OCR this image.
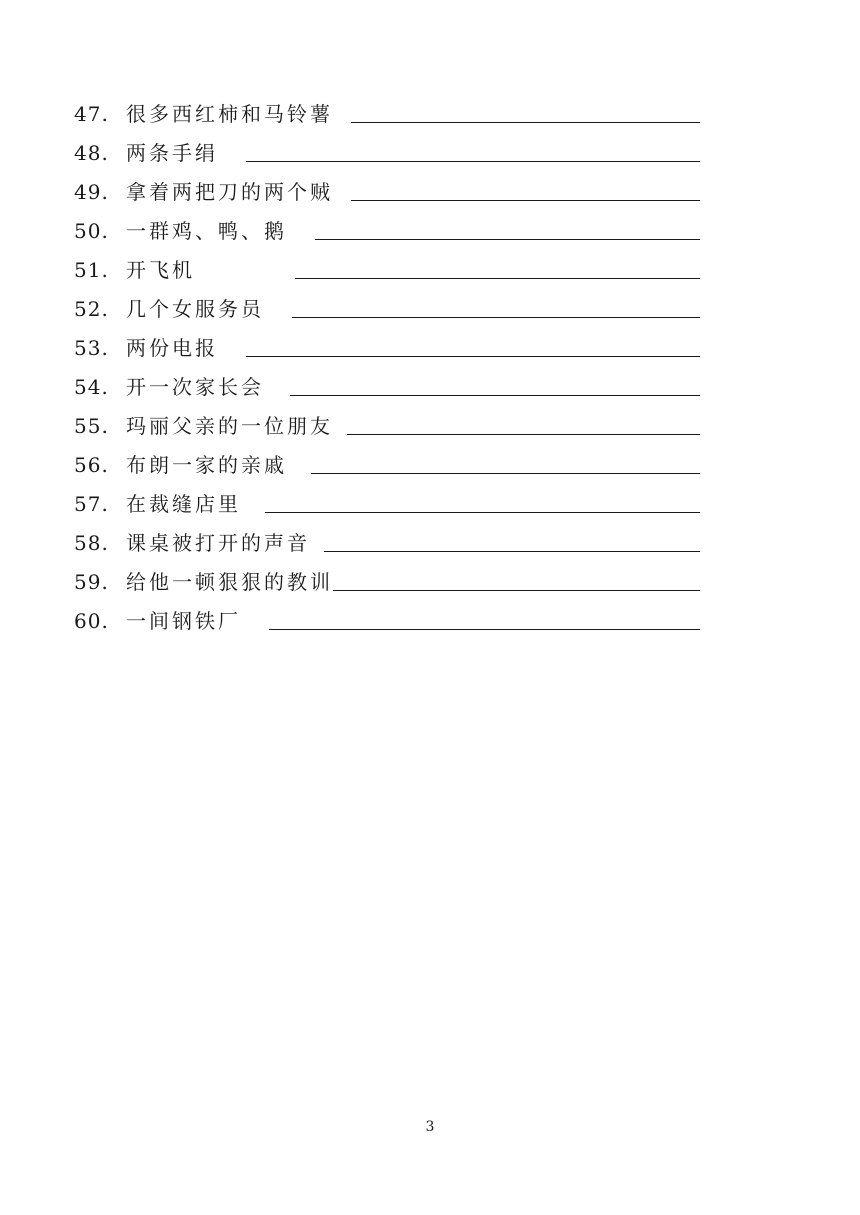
47. 很多西红柿和马铃薯
48. 两条手绢
49. 拿着两把刀的两个贼
50. 一群鸡、鸭、鹅
51. 开飞机
52. 几个女服务员
53. 两份电报
54. 开一次家长会
55. 玛丽父亲的一位朋友
56. 布朗一家的亲戚
57. 在裁缝店里
58. 课桌被打开的声音
59. 给他一顿狠狠的教训
60. 一间钢铁厂
3
